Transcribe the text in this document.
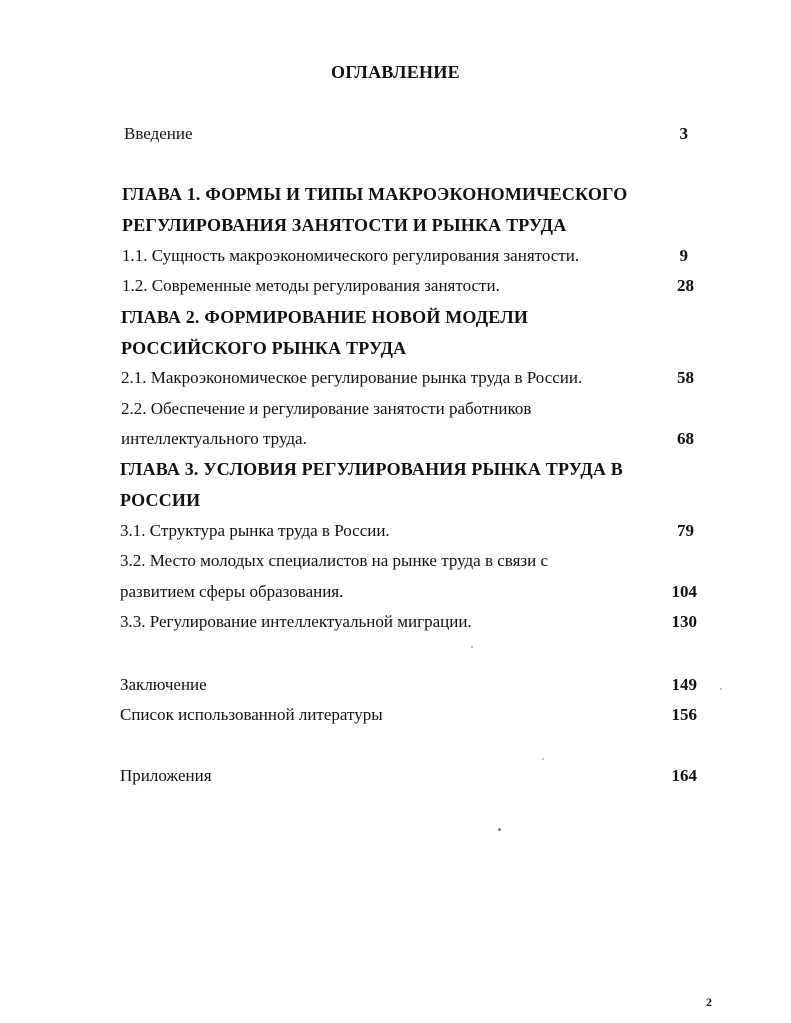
ОГЛАВЛЕНИЕ
Введение	3
ГЛАВА 1. ФОРМЫ И ТИПЫ МАКРОЭКОНОМИЧЕСКОГО
РЕГУЛИРОВАНИЯ ЗАНЯТОСТИ И РЫНКА ТРУДА
1.1. Сущность макроэкономического регулирования занятости.	9
1.2. Современные методы регулирования занятости.	28
ГЛАВА 2. ФОРМИРОВАНИЕ НОВОЙ МОДЕЛИ
РОССИЙСКОГО РЫНКА ТРУДА
2.1. Макроэкономическое регулирование рынка труда в России.	58
2.2. Обеспечение и регулирование занятости работников
интеллектуального труда.	68
ГЛАВА 3. УСЛОВИЯ РЕГУЛИРОВАНИЯ РЫНКА ТРУДА В
РОССИИ
3.1. Структура рынка труда в России.	79
3.2. Место молодых специалистов на рынке труда в связи с
развитием сферы образования.	104
3.3. Регулирование интеллектуальной миграции.	130
Заключение	149
Список использованной литературы	156
Приложения	164
2
